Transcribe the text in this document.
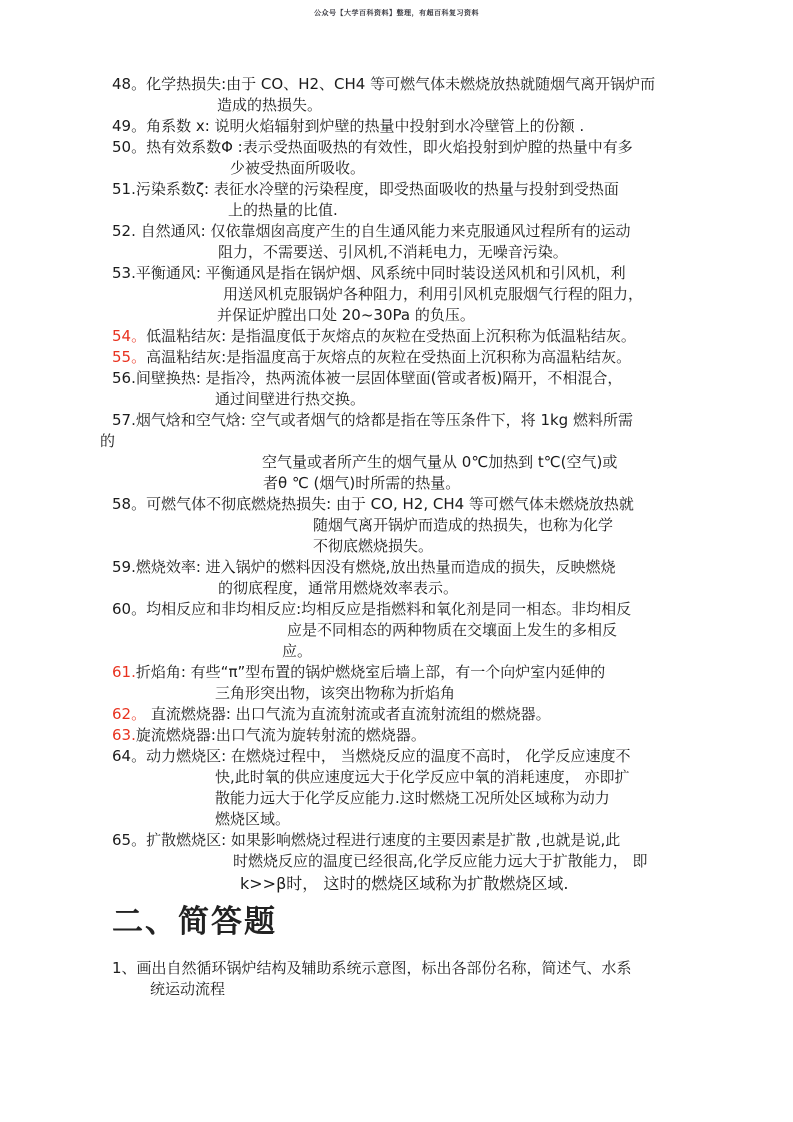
公众号【大学百科资料】整理，有超百科复习资料
48。化学热损失:由于 CO、H2、CH4 等可燃气体未燃烧放热就随烟气离开锅炉而
造成的热损失。
49。角系数 x: 说明火焰辐射到炉壁的热量中投射到水冷壁管上的份额 .
50。热有效系数Φ :表示受热面吸热的有效性，即火焰投射到炉膛的热量中有多
少被受热面所吸收。
51.污染系数ζ: 表征水冷壁的污染程度，即受热面吸收的热量与投射到受热面
上的热量的比值.
52. 自然通风: 仅依靠烟囱高度产生的自生通风能力来克服通风过程所有的运动
阻力，不需要送、引风机,不消耗电力，无噪音污染。
53.平衡通风: 平衡通风是指在锅炉烟、风系统中同时装设送风机和引风机，利
用送风机克服锅炉各种阻力，利用引风机克服烟气行程的阻力，
并保证炉膛出口处 20~30Pa 的负压。
54。低温粘结灰: 是指温度低于灰熔点的灰粒在受热面上沉积称为低温粘结灰。
55。高温粘结灰:是指温度高于灰熔点的灰粒在受热面上沉积称为高温粘结灰。
56.间壁换热: 是指冷，热两流体被一层固体壁面(管或者板)隔开，不相混合，
通过间壁进行热交换。
57.烟气焓和空气焓: 空气或者烟气的焓都是指在等压条件下，将 1kg 燃料所需
的
空气量或者所产生的烟气量从 0℃加热到 t℃(空气)或
者θ ℃ (烟气)时所需的热量。
58。可燃气体不彻底燃烧热损失: 由于 CO, H2, CH4 等可燃气体未燃烧放热就
随烟气离开锅炉而造成的热损失，也称为化学
不彻底燃烧损失。
59.燃烧效率: 进入锅炉的燃料因没有燃烧,放出热量而造成的损失，反映燃烧
的彻底程度，通常用燃烧效率表示。
60。均相反应和非均相反应:均相反应是指燃料和氧化剂是同一相态。非均相反
应是不同相态的两种物质在交壤面上发生的多相反
应。
61.折焰角: 有些“π”型布置的锅炉燃烧室后墙上部，有一个向炉室内延伸的
三角形突出物，该突出物称为折焰角
62。 直流燃烧器: 出口气流为直流射流或者直流射流组的燃烧器。
63.旋流燃烧器:出口气流为旋转射流的燃烧器。
64。动力燃烧区: 在燃烧过程中， 当燃烧反应的温度不高时， 化学反应速度不
快,此时氧的供应速度远大于化学反应中氧的消耗速度， 亦即扩
散能力远大于化学反应能力.这时燃烧工况所处区域称为动力
燃烧区域。
65。扩散燃烧区: 如果影响燃烧过程进行速度的主要因素是扩散 ,也就是说,此
时燃烧反应的温度已经很高,化学反应能力远大于扩散能力， 即
k>>β时， 这时的燃烧区域称为扩散燃烧区域.
二、简答题
1、画出自然循环锅炉结构及辅助系统示意图，标出各部份名称，简述气、水系
统运动流程
